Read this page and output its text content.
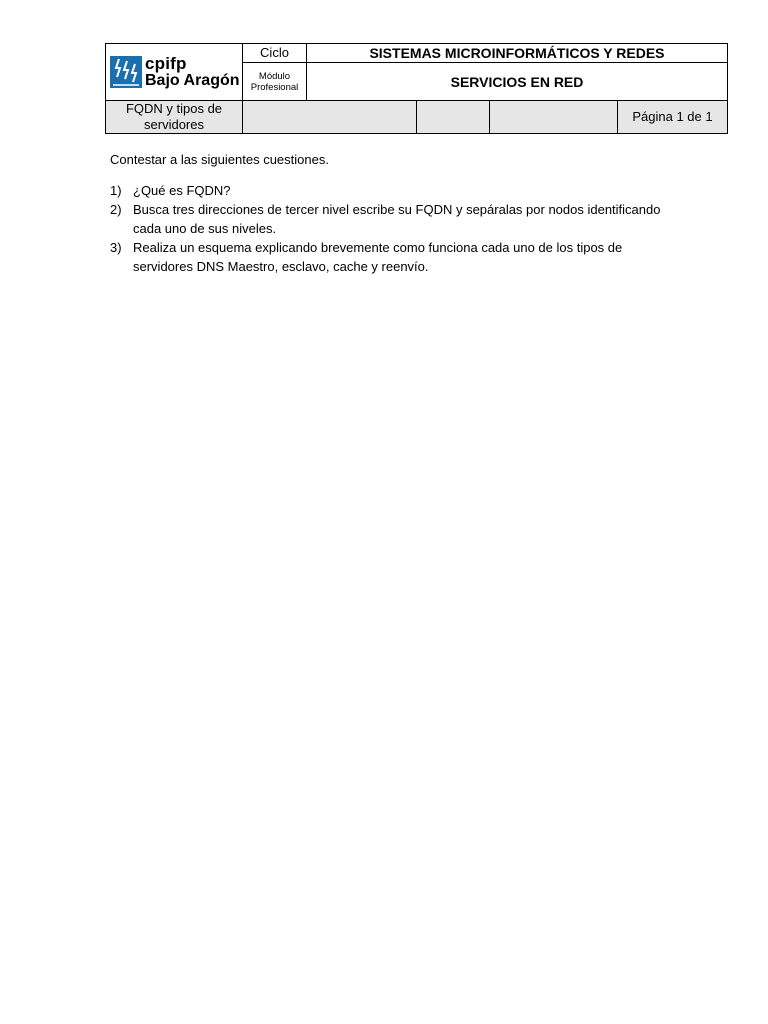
cpifp
Bajo Aragón	Ciclo	SISTEMAS MICROINFORMÁTICOS Y REDES			
	Módulo Profesional	SERVICIOS EN RED			
FQDN y tipos de servidores					Página 1 de 1

Contestar a las siguientes cuestiones.

1) ¿Qué es FQDN?
2) Busca tres direcciones de tercer nivel escribe su FQDN y sepáralas por nodos identificando cada uno de sus niveles.
3) Realiza un esquema explicando brevemente como funciona cada uno de los tipos de servidores DNS Maestro, esclavo, cache y reenvío.
